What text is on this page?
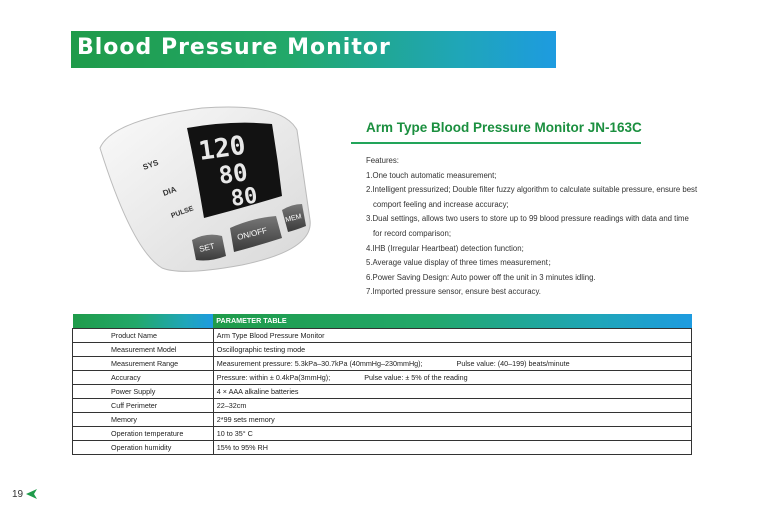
Blood Pressure Monitor
120
80
80
SYS
DIA
PULSE
SET
ON/OFF
MEM
Arm Type Blood Pressure Monitor JN-163C
Features:
1.One touch automatic measurement;
2.Intelligent pressurized; Double filter fuzzy algorithm to calculate suitable pressure, ensure best
comport feeling and increase accuracy;
3.Dual settings, allows two users to store up to 99 blood pressure readings with data and time
for record comparison;
4.IHB (Irregular Heartbeat) detection function;
5.Average value display of three times measurement；
6.Power Saving Design: Auto power off the unit in 3 minutes idling.
7.Imported pressure sensor, ensure best accuracy.
	PARAMETER TABLE
Product Name	Arm Type Blood Pressure Monitor
Measurement Model	Oscillographic testing mode
Measurement Range	Measurement pressure: 5.3kPa–30.7kPa (40mmHg–230mmHg); Pulse value: (40–199) beats/minute
Accuracy	Pressure: within ± 0.4kPa(3mmHg); Pulse value: ± 5% of the reading
Power Supply	4 × AAA alkaline batteries
Cuff Perimeter	22–32cm
Memory	2*99 sets memory
Operation temperature	10 to 35° C
Operation humidity	15% to 95% RH
19
